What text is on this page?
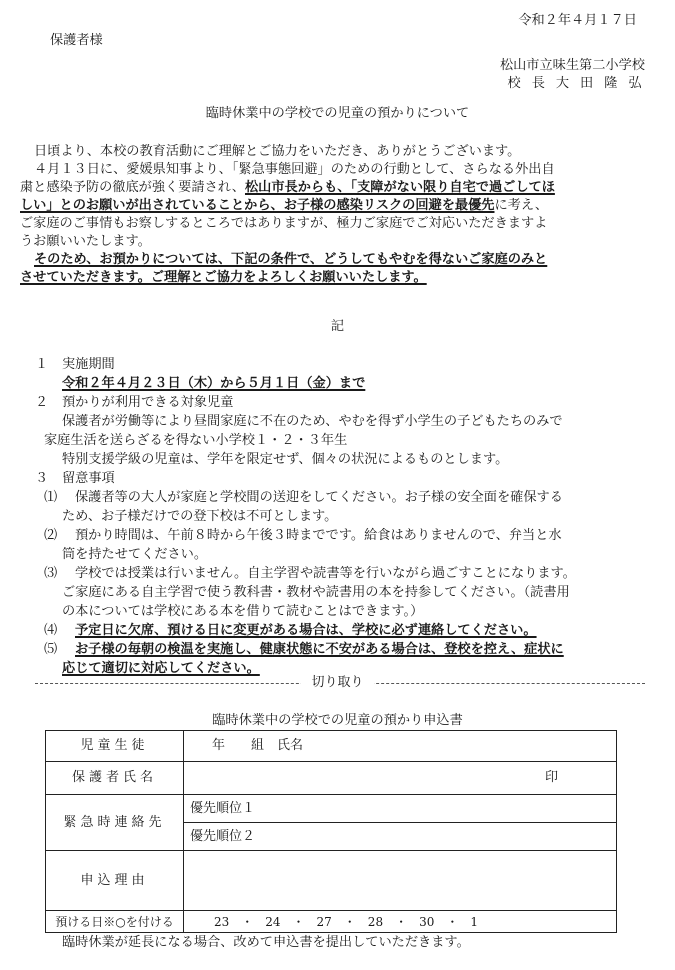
令和２年４月１７日
保護者様
松山市立味生第二小学校
校 長 大 田 隆 弘
臨時休業中の学校での児童の預かりについて
日頃より、本校の教育活動にご理解とご協力をいただき、ありがとうございます。
４月１３日に、愛媛県知事より、「緊急事態回避」のための行動として、さらなる外出自
粛と感染予防の徹底が強く要請され、松山市長からも、「支障がない限り自宅で過ごしてほ
しい」とのお願いが出されていることから、お子様の感染リスクの回避を最優先に考え、
ご家庭のご事情もお察しするところではありますが、極力ご家庭でご対応いただきますよ
うお願いいたします。
そのため、お預かりについては、下記の条件で、どうしてもやむを得ないご家庭のみと
させていただきます。ご理解とご協力をよろしくお願いいたします。
記
１ 実施期間
令和２年４月２３日（木）から５月１日（金）まで
２ 預かりが利用できる対象児童
保護者が労働等により昼間家庭に不在のため、やむを得ず小学生の子どもたちのみで
家庭生活を送らざるを得ない小学校１・２・３年生
特別支援学級の児童は、学年を限定せず、個々の状況によるものとします。
３ 留意事項
⑴ 保護者等の大人が家庭と学校間の送迎をしてください。お子様の安全面を確保する
ため、お子様だけでの登下校は不可とします。
⑵ 預かり時間は、午前８時から午後３時までです。給食はありませんので、弁当と水
筒を持たせてください。
⑶ 学校では授業は行いません。自主学習や読書等を行いながら過ごすことになります。
ご家庭にある自主学習で使う教科書・教材や読書用の本を持参してください。（読書用
の本については学校にある本を借りて読むことはできます。）
⑷ 予定日に欠席、預ける日に変更がある場合は、学校に必ず連絡してください。
⑸ お子様の毎朝の検温を実施し、健康状態に不安がある場合は、登校を控え、症状に
応じて適切に対応してください。
切り取り
臨時休業中の学校での児童の預かり申込書
児童生徒	年　　組　氏名
保護者氏名	印

緊急時連絡先	優先順位１
	優先順位２
申込理由	
預ける日※○を付ける	23　・　24　・　27　・　28　・　30　・　1
臨時休業が延長になる場合、改めて申込書を提出していただきます。
